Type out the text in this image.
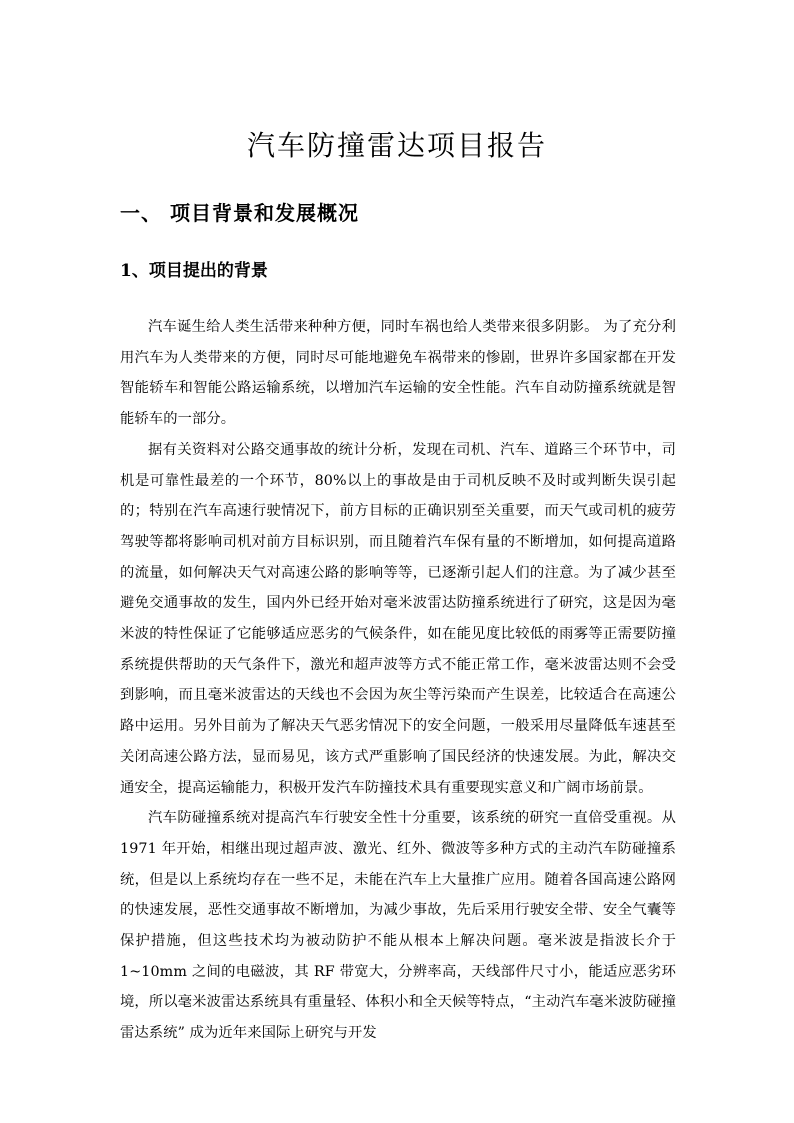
汽车防撞雷达项目报告
一、 项目背景和发展概况
1、项目提出的背景

汽车诞生给人类生活带来种种方便，同时车祸也给人类带来很多阴影。 为了充分利用汽车为人类带来的方便，同时尽可能地避免车祸带来的惨剧，世界许多国家都在开发智能轿车和智能公路运输系统，以增加汽车运输的安全性能。汽车自动防撞系统就是智能轿车的一部分。

据有关资料对公路交通事故的统计分析，发现在司机、汽车、道路三个环节中，司机是可靠性最差的一个环节，80%以上的事故是由于司机反映不及时或判断失误引起的；特别在汽车高速行驶情况下，前方目标的正确识别至关重要，而天气或司机的疲劳驾驶等都将影响司机对前方目标识别，而且随着汽车保有量的不断增加，如何提高道路的流量，如何解决天气对高速公路的影响等等，已逐渐引起人们的注意。为了减少甚至避免交通事故的发生，国内外已经开始对毫米波雷达防撞系统进行了研究，这是因为毫米波的特性保证了它能够适应恶劣的气候条件，如在能见度比较低的雨雾等正需要防撞系统提供帮助的天气条件下，激光和超声波等方式不能正常工作，毫米波雷达则不会受到影响，而且毫米波雷达的天线也不会因为灰尘等污染而产生误差，比较适合在高速公路中运用。另外目前为了解决天气恶劣情况下的安全问题，一般采用尽量降低车速甚至关闭高速公路方法，显而易见，该方式严重影响了国民经济的快速发展。为此，解决交通安全，提高运输能力，积极开发汽车防撞技术具有重要现实意义和广阔市场前景。

汽车防碰撞系统对提高汽车行驶安全性十分重要，该系统的研究一直倍受重视。从 1971 年开始，相继出现过超声波、激光、红外、微波等多种方式的主动汽车防碰撞系统，但是以上系统均存在一些不足，未能在汽车上大量推广应用。随着各国高速公路网的快速发展，恶性交通事故不断增加，为减少事故，先后采用行驶安全带、安全气囊等保护措施，但这些技术均为被动防护不能从根本上解决问题。毫米波是指波长介于 1~10mm 之间的电磁波，其 RF 带宽大，分辨率高，天线部件尺寸小，能适应恶劣环境，所以毫米波雷达系统具有重量轻、体积小和全天候等特点，“主动汽车毫米波防碰撞雷达系统” 成为近年来国际上研究与开发
